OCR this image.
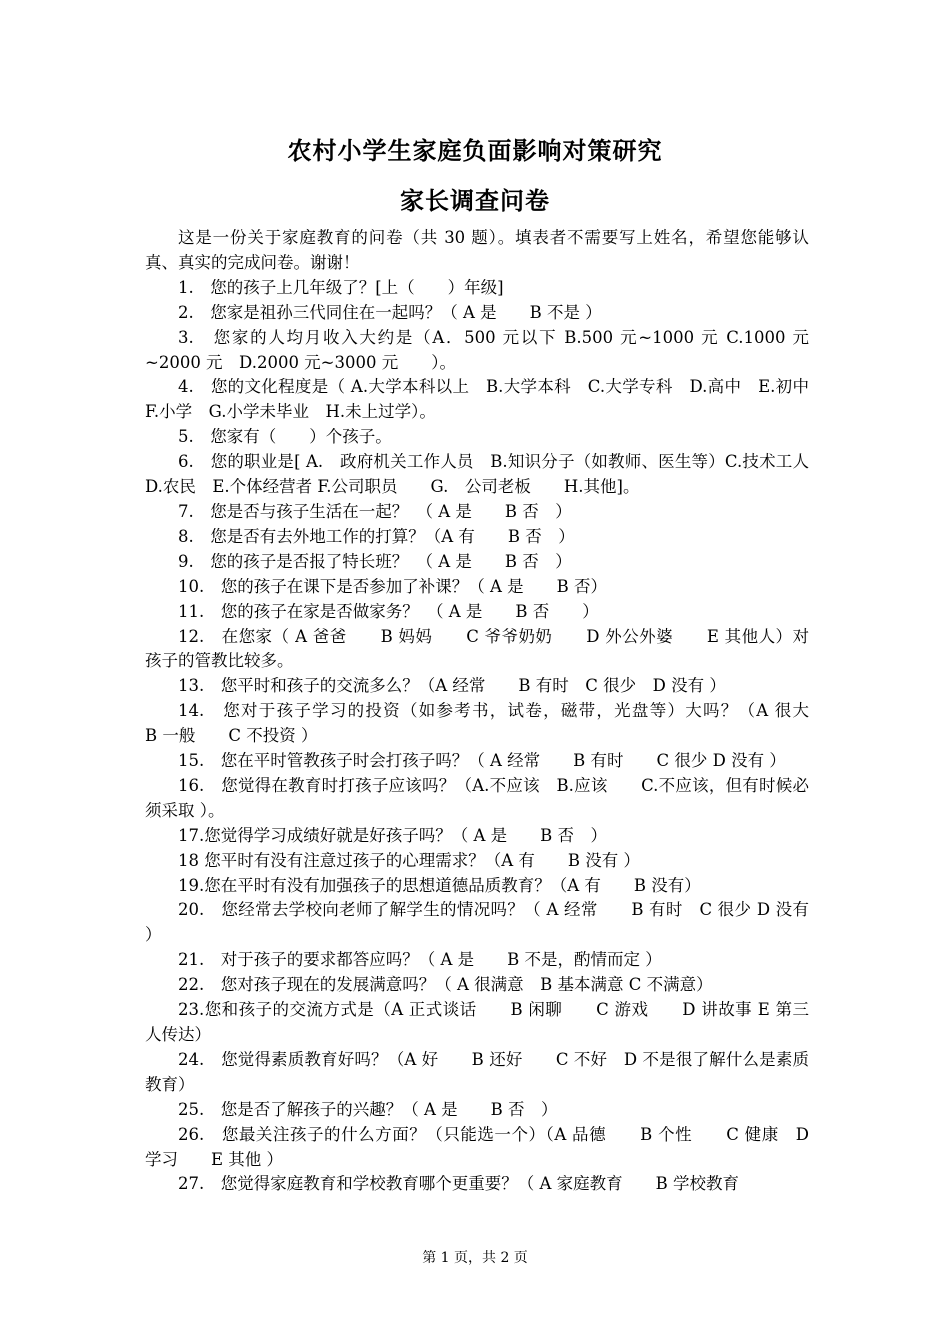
农村小学生家庭负面影响对策研究
家长调查问卷

这是一份关于家庭教育的问卷（共 30 题）。填表者不需要写上姓名，希望您能够认真、真实的完成问卷。谢谢！

1.　您的孩子上几年级了？[上（　　）年级]

2.　您家是祖孙三代同住在一起吗？（ A 是　　B 不是 ）

3.　您家的人均月收入大约是（A．500 元以下 B.500 元~1000 元 C.1000 元~2000 元　D.2000 元~3000 元　　）。

4.　您的文化程度是（ A.大学本科以上　B.大学本科　C.大学专科　D.高中　E.初中　F.小学　G.小学未毕业　H.未上过学）。

5.　您家有（　　）个孩子。

6.　您的职业是[ A.　政府机关工作人员　B.知识分子（如教师、医生等）C.技术工人　D.农民　E.个体经营者 F.公司职员　　G.　公司老板　　H.其他]。

7.　您是否与孩子生活在一起？　（ A 是　　B 否　）

8.　您是否有去外地工作的打算？（A 有　　B 否　）

9.　您的孩子是否报了特长班？　（ A 是　　B 否　）

10.　您的孩子在课下是否参加了补课？（ A 是　　B 否）

11.　您的孩子在家是否做家务？　（ A 是　　B 否　　）

12.　在您家（ A 爸爸　　B 妈妈　　C 爷爷奶奶　　D 外公外婆　　E 其他人）对孩子的管教比较多。

13.　您平时和孩子的交流多么？（A 经常　　B 有时　C 很少　D 没有 ）

14.　您对于孩子学习的投资（如参考书，试卷，磁带，光盘等）大吗？（A 很大　　B 一般　　C 不投资 ）

15.　您在平时管教孩子时会打孩子吗？（ A 经常　　B 有时　　C 很少 D 没有 ）

16.　您觉得在教育时打孩子应该吗？（A.不应该　B.应该　　C.不应该，但有时候必须采取 ）。

17.您觉得学习成绩好就是好孩子吗？（ A 是　　B 否　）

18 您平时有没有注意过孩子的心理需求？（A 有　　B 没有 ）

19.您在平时有没有加强孩子的思想道德品质教育？（A 有　　B 没有）

20.　您经常去学校向老师了解学生的情况吗？（ A 经常　　B 有时　C 很少 D 没有 ）

21.　对于孩子的要求都答应吗？（ A 是　　B 不是，酌情而定 ）

22.　您对孩子现在的发展满意吗？（ A 很满意　B 基本满意 C 不满意）

23.您和孩子的交流方式是（A 正式谈话　　B 闲聊　　C 游戏　　D 讲故事 E 第三人传达）

24.　您觉得素质教育好吗？（A 好　　B 还好　　C 不好　D 不是很了解什么是素质教育）

25.　您是否了解孩子的兴趣？（ A 是　　B 否　）

26.　您最关注孩子的什么方面？（只能选一个）（A 品德　　B 个性　　C 健康　D 学习　　E 其他 ）

27.　您觉得家庭教育和学校教育哪个更重要？（ A 家庭教育　　B 学校教育

第 1 页，共 2 页
